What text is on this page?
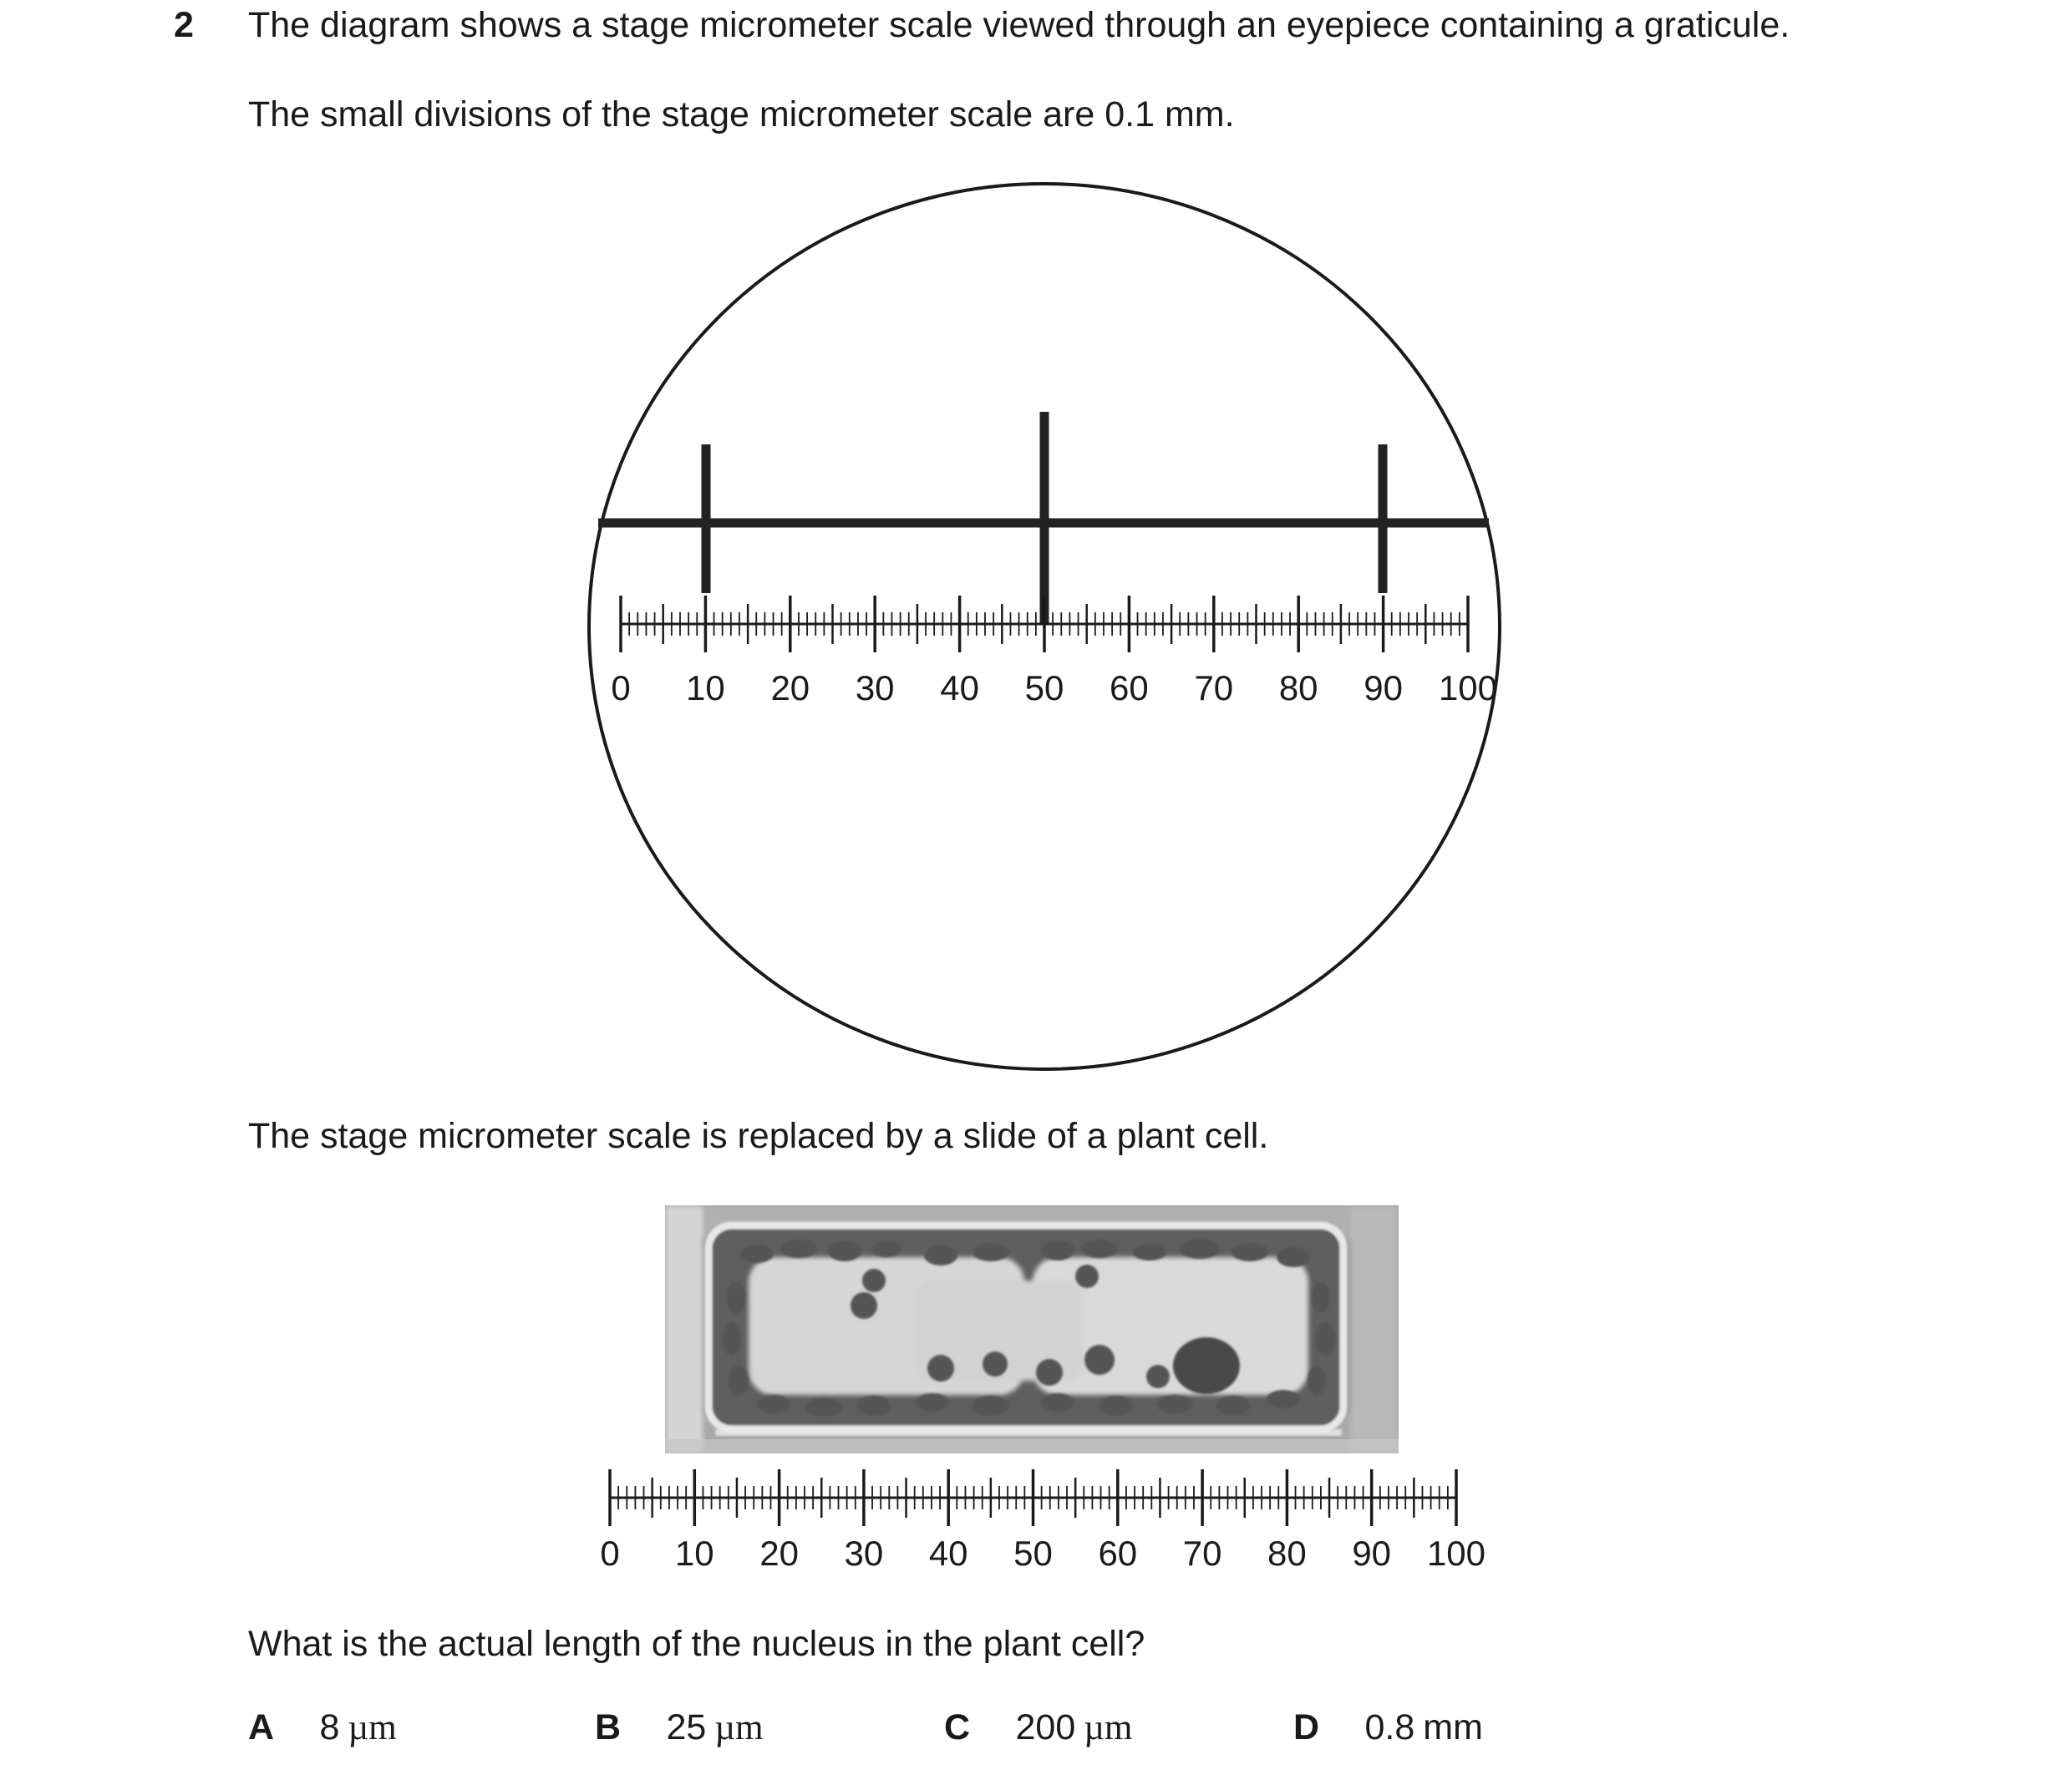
2 The diagram shows a stage micrometer scale viewed through an eyepiece containing a graticule.
The small divisions of the stage micrometer scale are 0.1 mm.
0 10 20 30 40 50 60 70 80 90 100
The stage micrometer scale is replaced by a slide of a plant cell.
0 10 20 30 40 50 60 70 80 90 100
What is the actual length of the nucleus in the plant cell?
A 8 µm	B 25 µm	C 200 µm	D 0.8 mm
